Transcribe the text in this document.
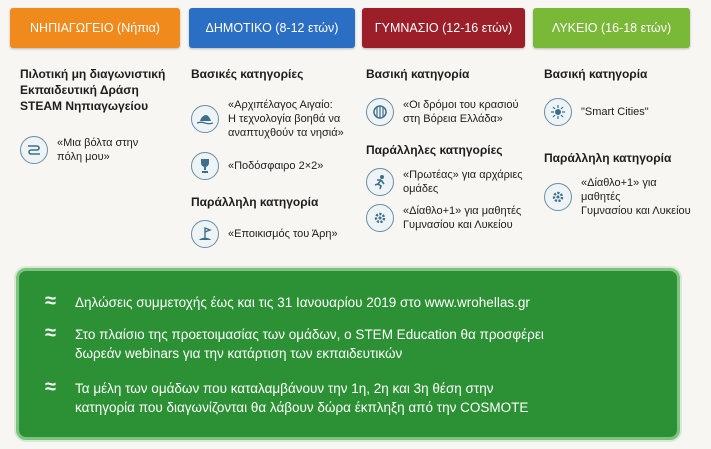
ΝΗΠΙΑΓΩΓΕΙΟ (Νήπια)	ΔΗΜΟΤΙΚΟ (8-12 ετών)	ΓΥΜΝΑΣΙΟ (12-16 ετών)	ΛΥΚΕΙΟ (16-18 ετών)
Πιλοτική μη διαγωνιστική
Εκπαιδευτική Δράση
STEAM Νηπιαγωγείου
«Μια βόλτα στην
πόλη μου»
Βασικές κατηγορίες
«Αρχιπέλαγος Αιγαίο:
Η τεχνολογία βοηθά να
αναπτυχθούν τα νησιά»
«Ποδόσφαιρο 2×2»
Παράλληλη κατηγορία
«Εποικισμός του Άρη»
Βασική κατηγορία
«Οι δρόμοι του κρασιού
στη Βόρεια Ελλάδα»
Παράλληλες κατηγορίες
«Πρωτέας» για αρχάριες
ομάδες
«Δίαθλο+1» για μαθητές
Γυμνασίου και Λυκείου
Βασική κατηγορία
"Smart Cities"
Παράλληλη κατηγορία
«Δίαθλο+1» για μαθητές
Γυμνασίου και Λυκείου
≈	Δηλώσεις συμμετοχής έως και τις 31 Ιανουαρίου 2019 στο www.wrohellas.gr
≈	Στο πλαίσιο της προετοιμασίας των ομάδων, ο STEM Education θα προσφέρει
δωρεάν webinars για την κατάρτιση των εκπαιδευτικών
≈	Τα μέλη των ομάδων που καταλαμβάνουν την 1η, 2η και 3η θέση στην
κατηγορία που διαγωνίζονται θα λάβουν δώρα έκπληξη από την COSMOTE
